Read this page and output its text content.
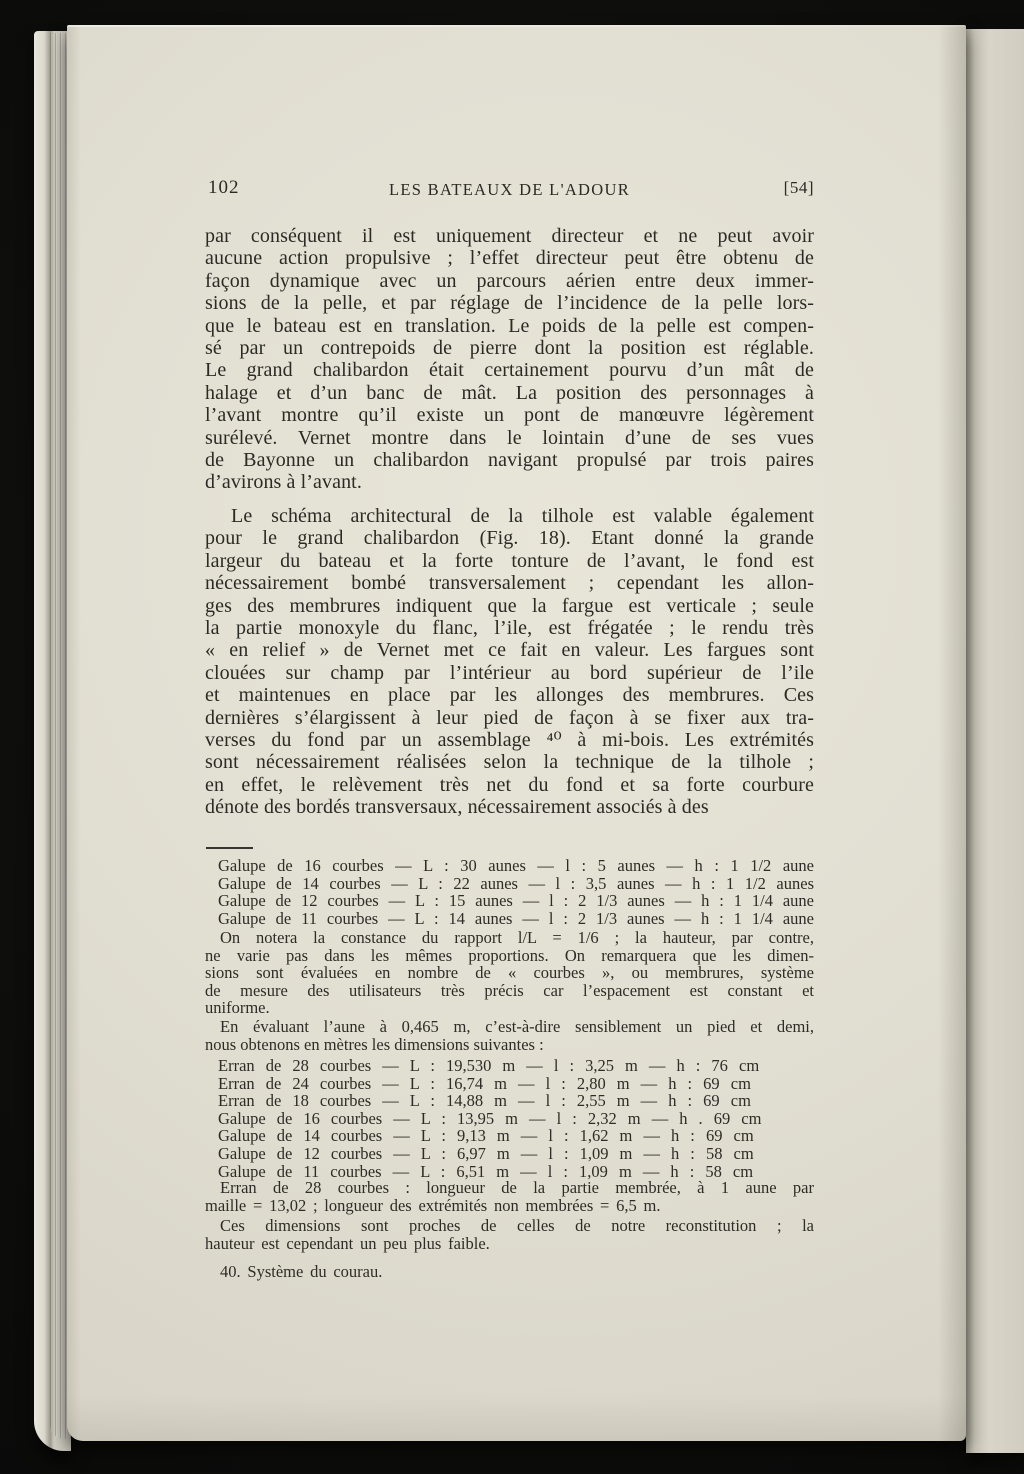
102	LES BATEAUX DE L'ADOUR	[54]
par conséquent il est uniquement directeur et ne peut avoir
aucune action propulsive ; l’effet directeur peut être obtenu de
façon dynamique avec un parcours aérien entre deux immer-
sions de la pelle, et par réglage de l’incidence de la pelle lors-
que le bateau est en translation. Le poids de la pelle est compen-
sé par un contrepoids de pierre dont la position est réglable.
Le grand chalibardon était certainement pourvu d’un mât de
halage et d’un banc de mât. La position des personnages à
l’avant montre qu’il existe un pont de manœuvre légèrement
surélevé. Vernet montre dans le lointain d’une de ses vues
de Bayonne un chalibardon navigant propulsé par trois paires
d’avirons à l’avant.
Le schéma architectural de la tilhole est valable également
pour le grand chalibardon (Fig. 18). Etant donné la grande
largeur du bateau et la forte tonture de l’avant, le fond est
nécessairement bombé transversalement ; cependant les allon-
ges des membrures indiquent que la fargue est verticale ; seule
la partie monoxyle du flanc, l’ile, est frégatée ; le rendu très
« en relief » de Vernet met ce fait en valeur. Les fargues sont
clouées sur champ par l’intérieur au bord supérieur de l’ile
et maintenues en place par les allonges des membrures. Ces
dernières s’élargissent à leur pied de façon à se fixer aux tra-
verses du fond par un assemblage ⁴⁰ à mi-bois. Les extrémités
sont nécessairement réalisées selon la technique de la tilhole ;
en effet, le relèvement très net du fond et sa forte courbure
dénote des bordés transversaux, nécessairement associés à des
Galupe de 16 courbes — L : 30 aunes — l : 5 aunes — h : 1 1/2 aune
Galupe de 14 courbes — L : 22 aunes — l : 3,5 aunes — h : 1 1/2 aunes
Galupe de 12 courbes — L : 15 aunes — l : 2 1/3 aunes — h : 1 1/4 aune
Galupe de 11 courbes — L : 14 aunes — l : 2 1/3 aunes — h : 1 1/4 aune
On notera la constance du rapport l/L = 1/6 ; la hauteur, par contre,
ne varie pas dans les mêmes proportions. On remarquera que les dimen-
sions sont évaluées en nombre de « courbes », ou membrures, système
de mesure des utilisateurs très précis car l’espacement est constant et
uniforme.
En évaluant l’aune à 0,465 m, c’est-à-dire sensiblement un pied et demi,
nous obtenons en mètres les dimensions suivantes :
Erran de 28 courbes — L : 19,530 m — l : 3,25 m — h : 76 cm
Erran de 24 courbes — L : 16,74 m — l : 2,80 m — h : 69 cm
Erran de 18 courbes — L : 14,88 m — l : 2,55 m — h : 69 cm
Galupe de 16 courbes — L : 13,95 m — l : 2,32 m — h . 69 cm
Galupe de 14 courbes — L : 9,13 m — l : 1,62 m — h : 69 cm
Galupe de 12 courbes — L : 6,97 m — l : 1,09 m — h : 58 cm
Galupe de 11 courbes — L : 6,51 m — l : 1,09 m — h : 58 cm
Erran de 28 courbes : longueur de la partie membrée, à 1 aune par
maille = 13,02 ; longueur des extrémités non membrées = 6,5 m.
Ces dimensions sont proches de celles de notre reconstitution ; la
hauteur est cependant un peu plus faible.
40. Système du courau.
